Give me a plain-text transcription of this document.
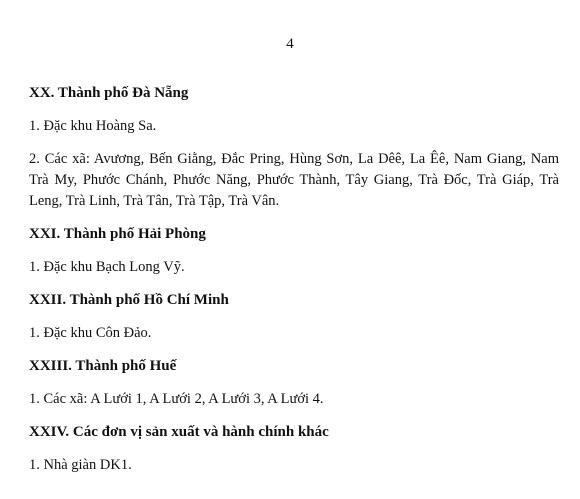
4
XX. Thành phố Đà Nẵng
1. Đặc khu Hoàng Sa.
2. Các xã: Avương, Bến Giằng, Đắc Pring, Hùng Sơn, La Dêê, La Êê, Nam Giang, Nam Trà My, Phước Chánh, Phước Năng, Phước Thành, Tây Giang, Trà Đốc, Trà Giáp, Trà Leng, Trà Linh, Trà Tân, Trà Tập, Trà Vân.
XXI. Thành phố Hải Phòng
1. Đặc khu Bạch Long Vỹ.
XXII. Thành phố Hồ Chí Minh
1. Đặc khu Côn Đảo.
XXIII. Thành phố Huế
1. Các xã: A Lưới 1, A Lưới 2, A Lưới 3, A Lưới 4.
XXIV. Các đơn vị sản xuất và hành chính khác
1. Nhà giàn DK1.
